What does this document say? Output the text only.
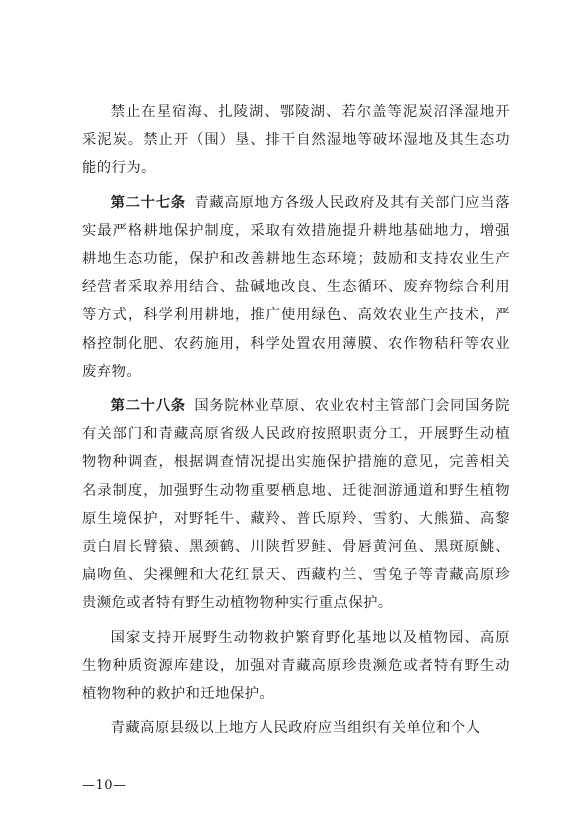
禁止在星宿海、扎陵湖、鄂陵湖、若尔盖等泥炭沼泽湿地开采泥炭。禁止开（围）垦、排干自然湿地等破坏湿地及其生态功能的行为。

第二十七条 青藏高原地方各级人民政府及其有关部门应当落实最严格耕地保护制度，采取有效措施提升耕地基础地力，增强耕地生态功能，保护和改善耕地生态环境；鼓励和支持农业生产经营者采取养用结合、盐碱地改良、生态循环、废弃物综合利用等方式，科学利用耕地，推广使用绿色、高效农业生产技术，严格控制化肥、农药施用，科学处置农用薄膜、农作物秸秆等农业废弃物。

第二十八条 国务院林业草原、农业农村主管部门会同国务院有关部门和青藏高原省级人民政府按照职责分工，开展野生动植物物种调查，根据调查情况提出实施保护措施的意见，完善相关名录制度，加强野生动物重要栖息地、迁徙洄游通道和野生植物原生境保护，对野牦牛、藏羚、普氏原羚、雪豹、大熊猫、高黎贡白眉长臂猿、黑颈鹤、川陕哲罗鲑、骨唇黄河鱼、黑斑原鮡、扁吻鱼、尖裸鲤和大花红景天、西藏杓兰、雪兔子等青藏高原珍贵濒危或者特有野生动植物物种实行重点保护。

国家支持开展野生动物救护繁育野化基地以及植物园、高原生物种质资源库建设，加强对青藏高原珍贵濒危或者特有野生动植物物种的救护和迁地保护。

青藏高原县级以上地方人民政府应当组织有关单位和个人

—10—
